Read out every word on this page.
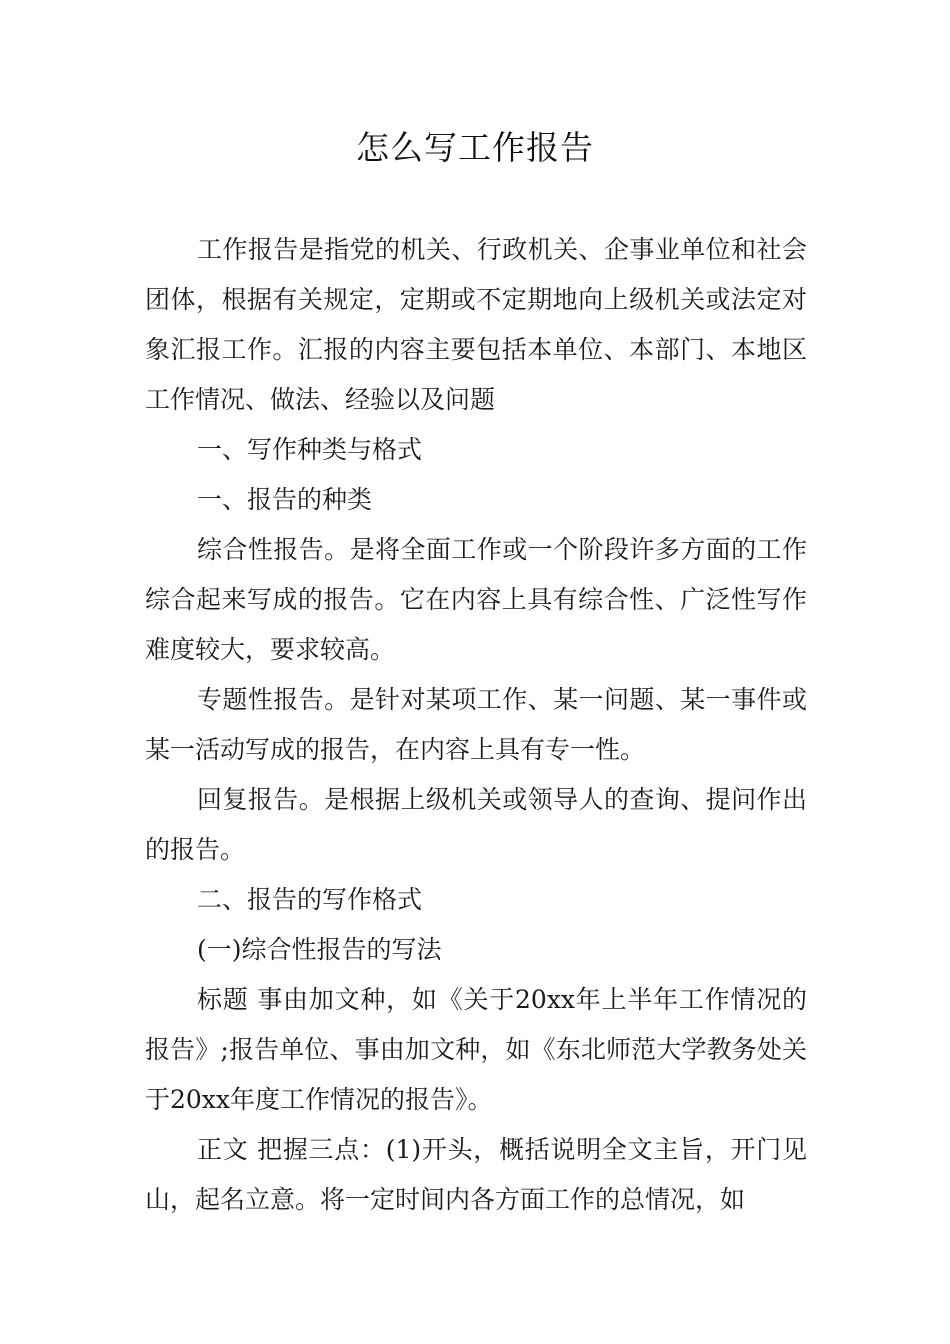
怎么写工作报告

工作报告是指党的机关、行政机关、企事业单位和社会团体，根据有关规定，定期或不定期地向上级机关或法定对象汇报工作。汇报的内容主要包括本单位、本部门、本地区工作情况、做法、经验以及问题

一、写作种类与格式

一、报告的种类

综合性报告。是将全面工作或一个阶段许多方面的工作综合起来写成的报告。它在内容上具有综合性、广泛性写作难度较大，要求较高。

专题性报告。是针对某项工作、某一问题、某一事件或某一活动写成的报告，在内容上具有专一性。

回复报告。是根据上级机关或领导人的查询、提问作出的报告。

二、报告的写作格式

(一)综合性报告的写法

标题 事由加文种，如《关于20xx年上半年工作情况的报告》;报告单位、事由加文种，如《东北师范大学教务处关于20xx年度工作情况的报告》。

正文 把握三点：(1)开头，概括说明全文主旨，开门见山，起名立意。将一定时间内各方面工作的总情况，如
